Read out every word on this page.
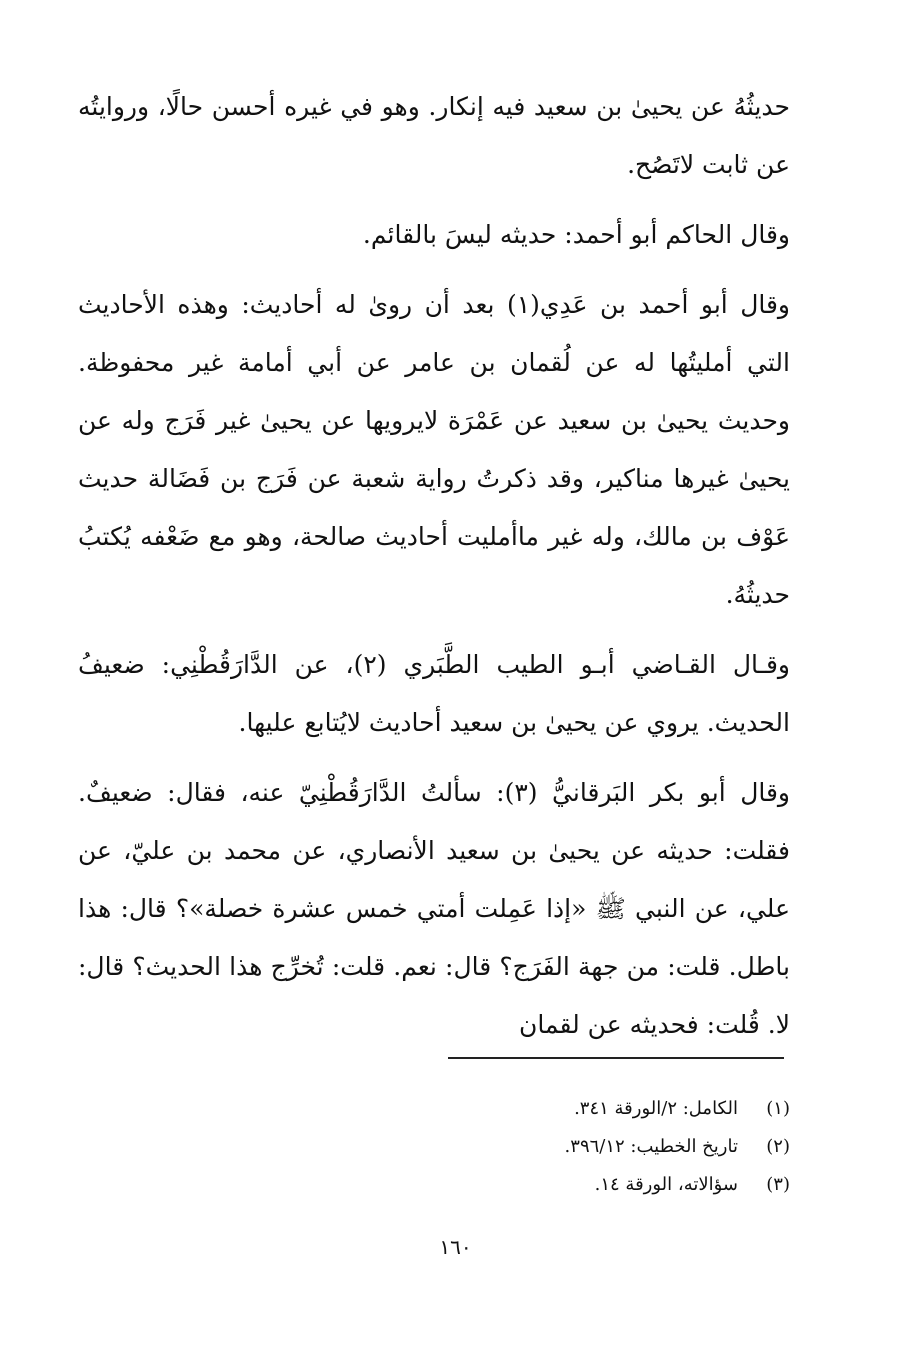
حديثُهُ عن يحيىٰ بن سعيد فيه إنكار. وهو في غيره أحسن حالًا، وروايتُه عن ثابت لاتَصُح.

وقال الحاكم أبو أحمد: حديثه ليسَ بالقائم.

وقال أبو أحمد بن عَدِي(١) بعد أن روىٰ له أحاديث: وهذه الأحاديث التي أمليتُها له عن لُقمان بن عامر عن أبي أمامة غير محفوظة. وحديث يحيىٰ بن سعيد عن عَمْرَة لايرويها عن يحيىٰ غير فَرَج وله عن يحيىٰ غيرها مناكير، وقد ذكرتُ رواية شعبة عن فَرَج بن فَضَالة حديث عَوْف بن مالك، وله غير ماأمليت أحاديث صالحة، وهو مع ضَعْفه يُكتبُ حديثُهُ.

وقـال القـاضي أبـو الطيب الطَّبَري (٢)، عن الدَّارَقُطْنِي: ضعيفُ الحديث. يروي عن يحيىٰ بن سعيد أحاديث لايُتابع عليها.

وقال أبو بكر البَرقانيُّ (٣): سألتُ الدَّارَقُطْنِيّ عنه، فقال: ضعيفٌ. فقلت: حديثه عن يحيىٰ بن سعيد الأنصاري، عن محمد بن عليّ، عن علي، عن النبي ﷺ «إذا عَمِلت أمتي خمس عشرة خصلة»؟ قال: هذا باطل. قلت: من جهة الفَرَج؟ قال: نعم. قلت: تُخرِّج هذا الحديث؟ قال: لا. قُلت: فحديثه عن لقمان

(١)
الكامل: ٢/الورقة ٣٤١.
(٢)
تاريخ الخطيب: ٣٩٦/١٢.
(٣)
سؤالاته، الورقة ١٤.
١٦٠
